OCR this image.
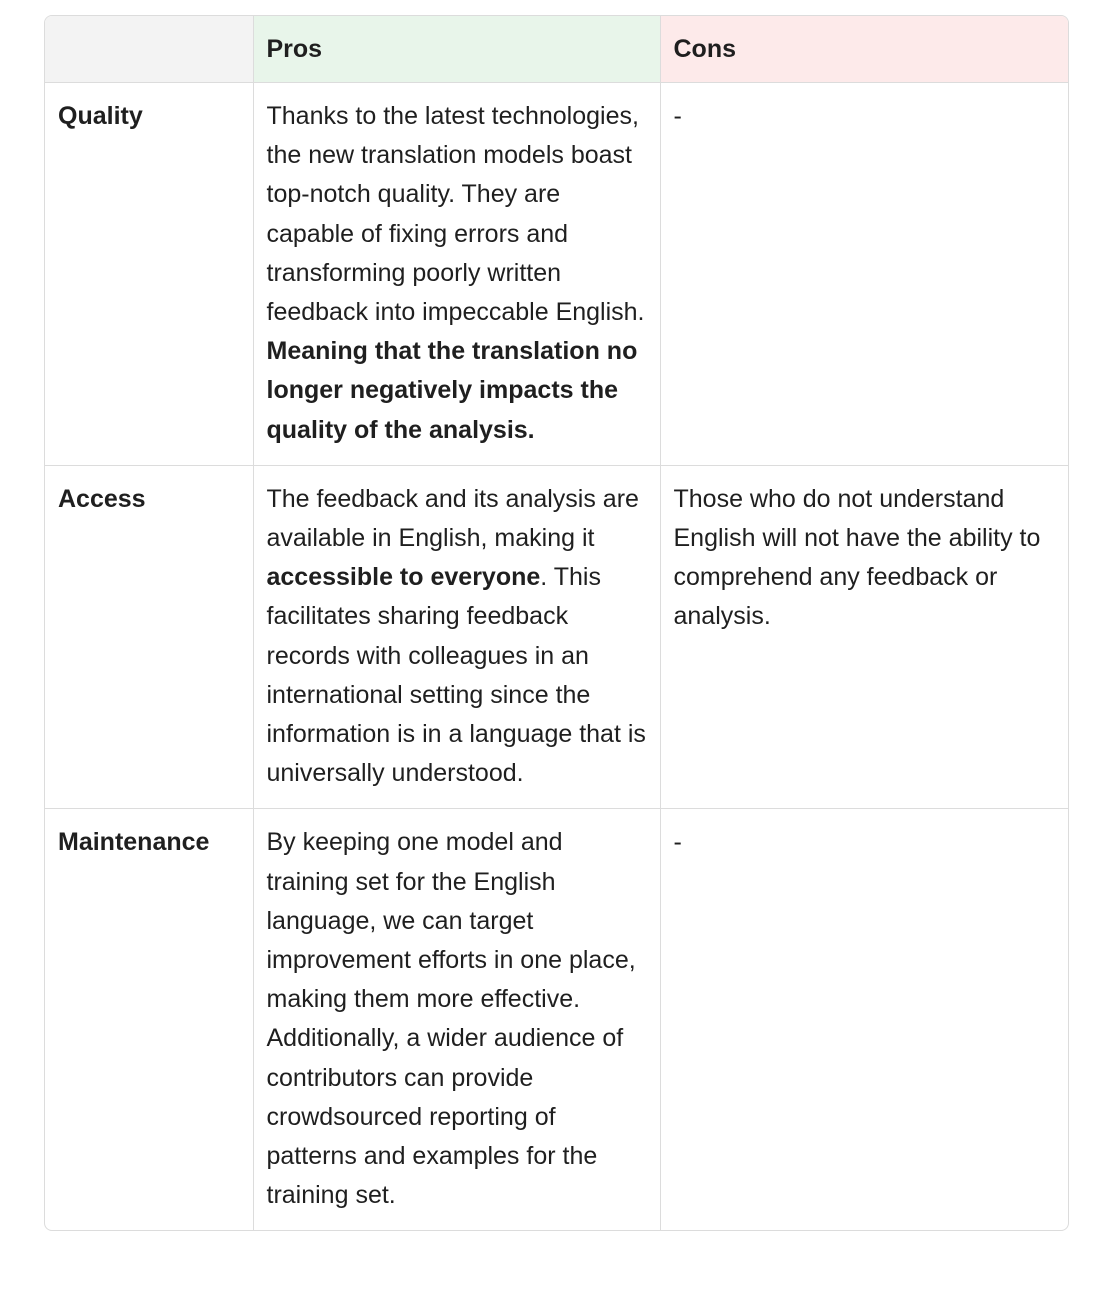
	Pros	Cons
Quality	Thanks to the latest technologies, the new translation models boast top-notch quality. They are capable of fixing errors and transforming poorly written feedback into impeccable English. Meaning that the translation no longer negatively impacts the quality of the analysis.	-
Access	The feedback and its analysis are available in English, making it accessible to everyone. This facilitates sharing feedback records with colleagues in an international setting since the information is in a language that is universally understood.	Those who do not understand English will not have the ability to comprehend any feedback or analysis.
Maintenance	By keeping one model and training set for the English language, we can target improvement efforts in one place, making them more effective. Additionally, a wider audience of contributors can provide crowdsourced reporting of patterns and examples for the training set.	-
